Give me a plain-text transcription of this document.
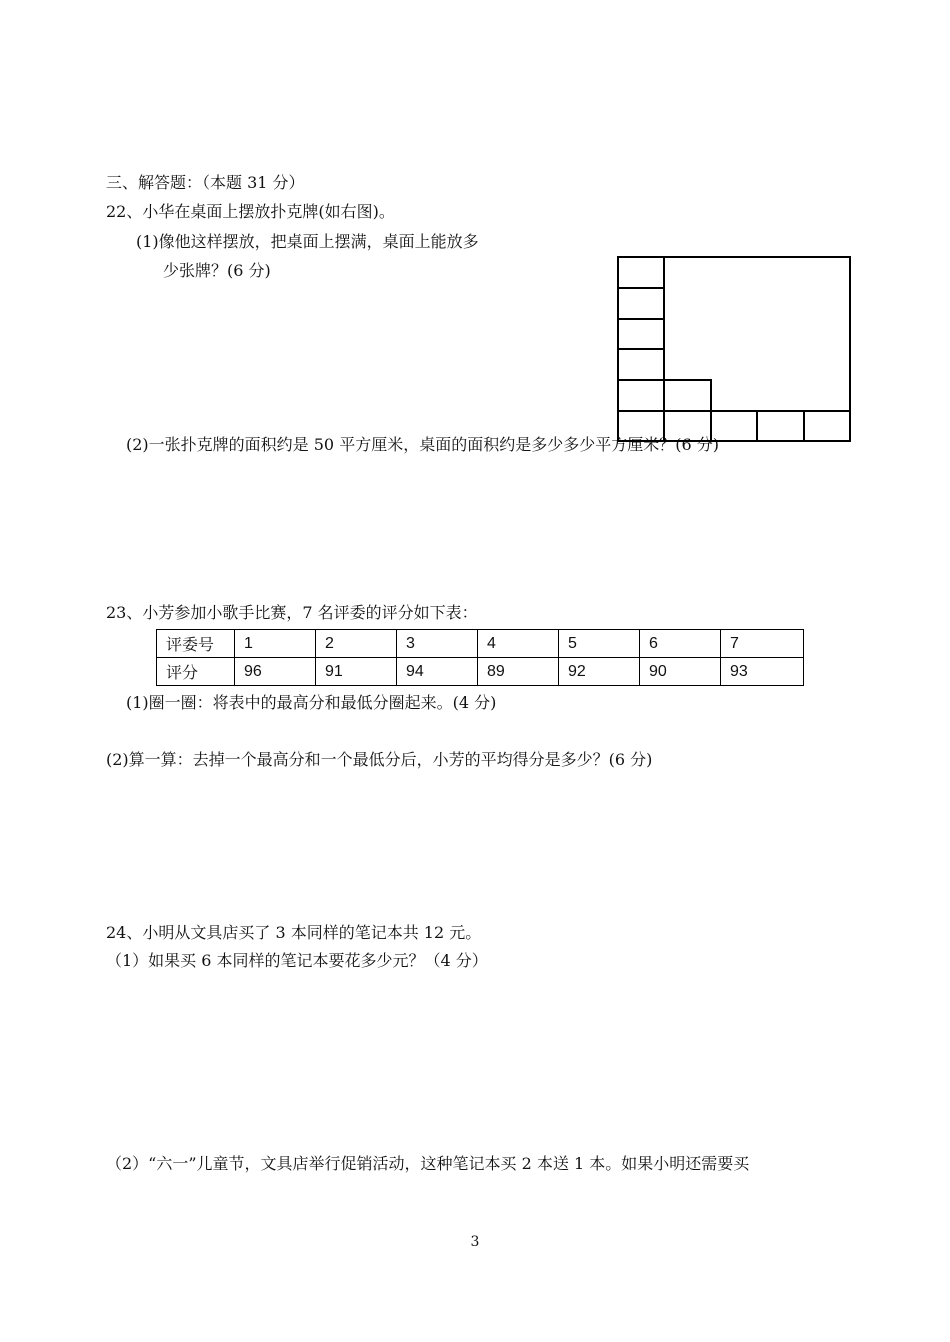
三、解答题：（本题 31 分）
22、小华在桌面上摆放扑克牌(如右图)。
(1)像他这样摆放，把桌面上摆满，桌面上能放多
少张牌？(6 分)
(2)一张扑克牌的面积约是 50 平方厘米，桌面的面积约是多少多少平方厘米？(6 分)
23、小芳参加小歌手比赛，7 名评委的评分如下表：
评委号	1	2	3	4	5	6	7
评分	96	91	94	89	92	90	93
(1)圈一圈：将表中的最高分和最低分圈起来。(4 分)
(2)算一算：去掉一个最高分和一个最低分后，小芳的平均得分是多少？(6 分)
24、小明从文具店买了 3 本同样的笔记本共 12 元。
（1）如果买 6 本同样的笔记本要花多少元？（4 分）
（2）“六一”儿童节，文具店举行促销活动，这种笔记本买 2 本送 1 本。如果小明还需要买
3
